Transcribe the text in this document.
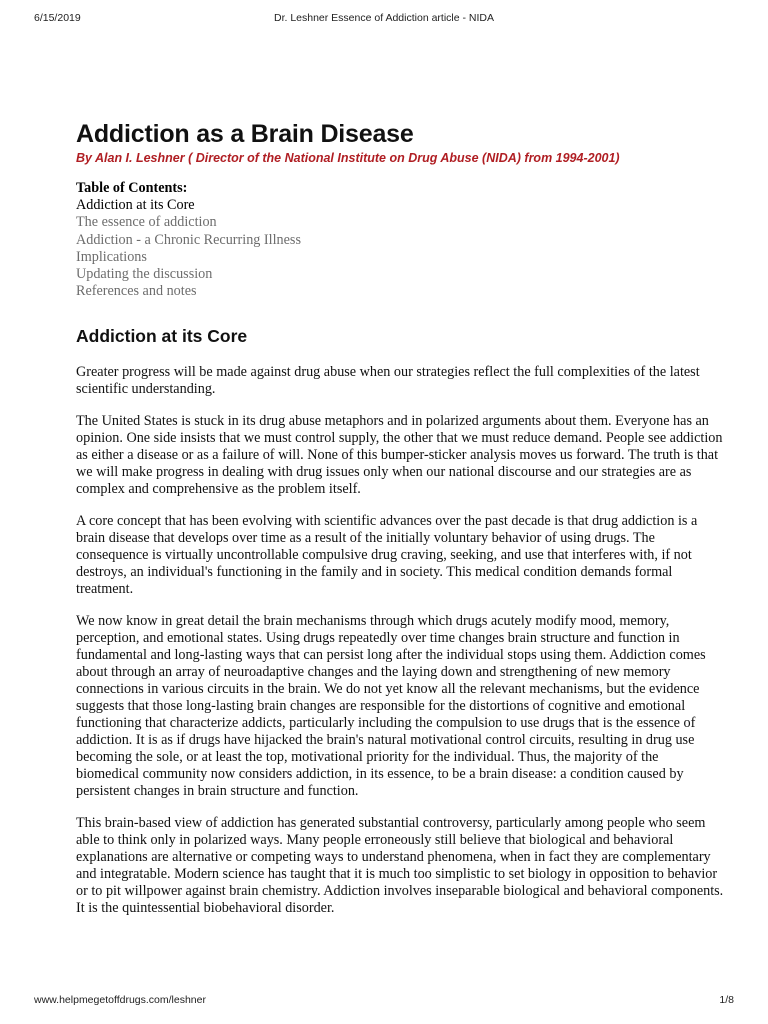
6/15/2019	Dr. Leshner Essence of Addiction article - NIDA
Addiction as a Brain Disease
By Alan I. Leshner ( Director of the National Institute on Drug Abuse (NIDA) from 1994-2001)
Table of Contents:
Addiction at its Core
The essence of addiction
Addiction - a Chronic Recurring Illness
Implications
Updating the discussion
References and notes
Addiction at its Core

Greater progress will be made against drug abuse when our strategies reflect the full complexities of the latest scientific understanding.

The United States is stuck in its drug abuse metaphors and in polarized arguments about them. Everyone has an opinion. One side insists that we must control supply, the other that we must reduce demand. People see addiction as either a disease or as a failure of will. None of this bumper-sticker analysis moves us forward. The truth is that we will make progress in dealing with drug issues only when our national discourse and our strategies are as complex and comprehensive as the problem itself.

A core concept that has been evolving with scientific advances over the past decade is that drug addiction is a brain disease that develops over time as a result of the initially voluntary behavior of using drugs. The consequence is virtually uncontrollable compulsive drug craving, seeking, and use that interferes with, if not destroys, an individual's functioning in the family and in society. This medical condition demands formal treatment.

We now know in great detail the brain mechanisms through which drugs acutely modify mood, memory, perception, and emotional states. Using drugs repeatedly over time changes brain structure and function in fundamental and long-lasting ways that can persist long after the individual stops using them. Addiction comes about through an array of neuroadaptive changes and the laying down and strengthening of new memory connections in various circuits in the brain. We do not yet know all the relevant mechanisms, but the evidence suggests that those long-lasting brain changes are responsible for the distortions of cognitive and emotional functioning that characterize addicts, particularly including the compulsion to use drugs that is the essence of addiction. It is as if drugs have hijacked the brain's natural motivational control circuits, resulting in drug use becoming the sole, or at least the top, motivational priority for the individual. Thus, the majority of the biomedical community now considers addiction, in its essence, to be a brain disease: a condition caused by persistent changes in brain structure and function.

This brain-based view of addiction has generated substantial controversy, particularly among people who seem able to think only in polarized ways. Many people erroneously still believe that biological and behavioral explanations are alternative or competing ways to understand phenomena, when in fact they are complementary and integratable. Modern science has taught that it is much too simplistic to set biology in opposition to behavior or to pit willpower against brain chemistry. Addiction involves inseparable biological and behavioral components. It is the quintessential biobehavioral disorder.

www.helpmegetoffdrugs.com/leshner	1/8
